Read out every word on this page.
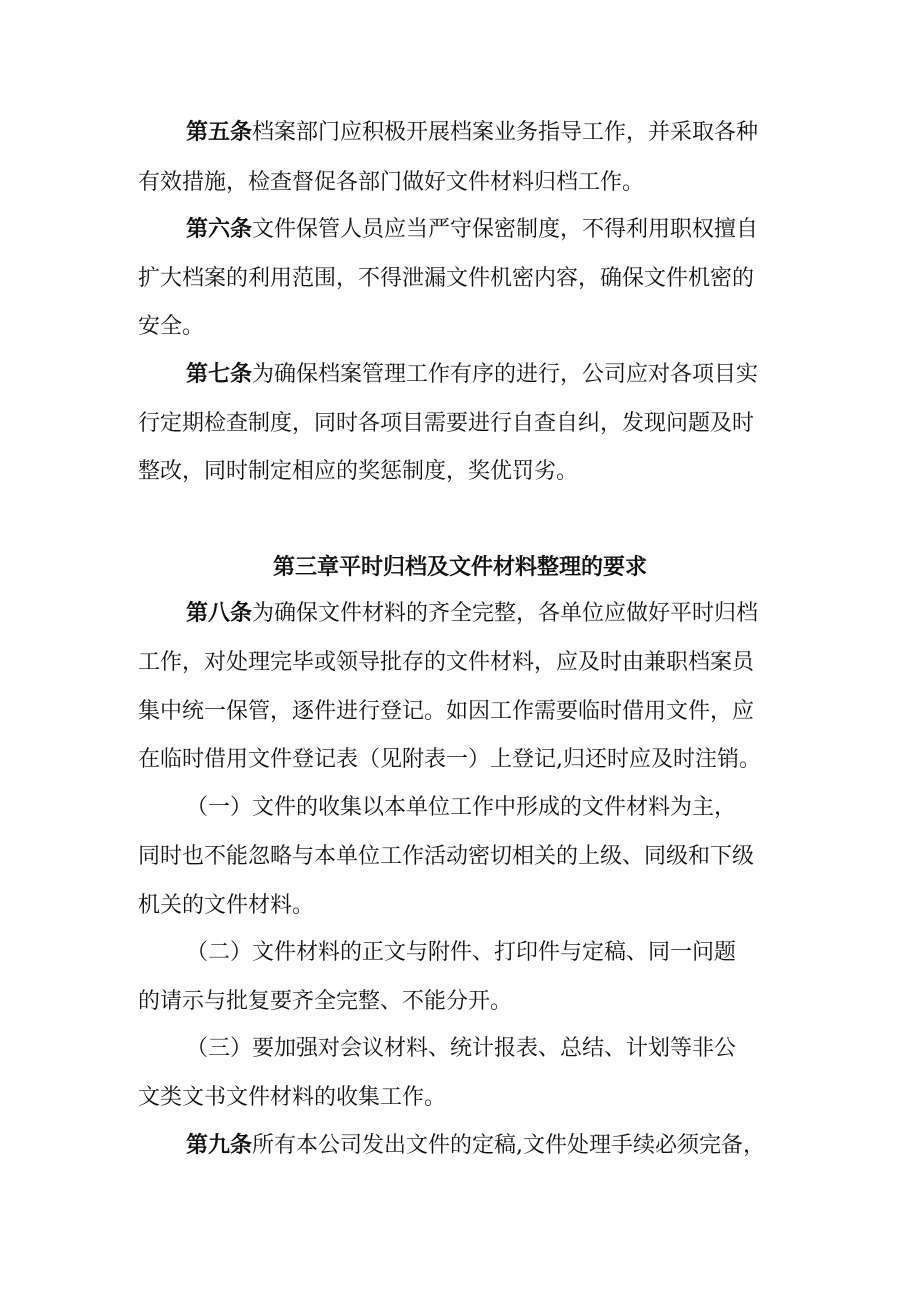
第五条档案部门应积极开展档案业务指导工作，并采取各种
有效措施，检查督促各部门做好文件材料归档工作。
第六条文件保管人员应当严守保密制度，不得利用职权擅自
扩大档案的利用范围，不得泄漏文件机密内容，确保文件机密的
安全。
第七条为确保档案管理工作有序的进行，公司应对各项目实
行定期检查制度，同时各项目需要进行自查自纠，发现问题及时
整改，同时制定相应的奖惩制度，奖优罚劣。
第三章平时归档及文件材料整理的要求
第八条为确保文件材料的齐全完整，各单位应做好平时归档
工作，对处理完毕或领导批存的文件材料，应及时由兼职档案员
集中统一保管，逐件进行登记。如因工作需要临时借用文件，应
在临时借用文件登记表（见附表一）上登记,归还时应及时注销。
（一）文件的收集以本单位工作中形成的文件材料为主，
同时也不能忽略与本单位工作活动密切相关的上级、同级和下级
机关的文件材料。
（二）文件材料的正文与附件、打印件与定稿、同一问题
的请示与批复要齐全完整、不能分开。
（三）要加强对会议材料、统计报表、总结、计划等非公
文类文书文件材料的收集工作。
第九条所有本公司发出文件的定稿,文件处理手续必须完备，
